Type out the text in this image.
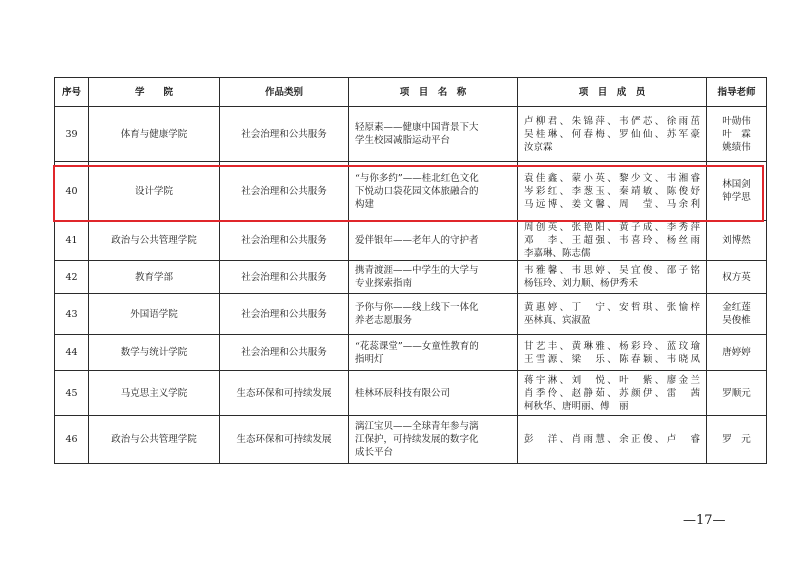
序号	学　　院	作品类别	项　目　名　称	项　目　成　员	指导老师
39	体育与健康学院	社会治理和公共服务	轻原素——健康中国背景下大
学生校园减脂运动平台	卢柳君、朱锦萍、韦俨芯、徐雨茁
吴桂琳、何春梅、罗仙仙、苏军豪
汝京霖	叶勋伟
叶　霖
姚绩伟

40	设计学院	社会治理和公共服务	“与你多约”——桂北红色文化
下悦动口袋花园文体旅融合的
构建	袁佳鑫、蒙小英、黎少文、韦湘睿
岑彩红、李葱玉、秦靖敏、陈俊妤
马远博、姜文馨、周　莹、马余利	林国剑
钟学思

41	政治与公共管理学院	社会治理和公共服务	爱伴银年——老年人的守护者	周创英、张艳阳、黄子成、李秀萍
邓　李、王超强、韦喜玲、杨丝雨
李嘉琳、陈志儒	刘博然

42	教育学部	社会治理和公共服务	携青渡涯——中学生的大学与
专业探索指南	韦雅馨、韦思婷、吴宜俊、邵子铭
杨钰玲、刘力顺、杨伊秀禾	权方英

43	外国语学院	社会治理和公共服务	予你与你——线上线下一体化
养老志愿服务	黄惠婷、丁　宁、安哲琪、张愉梓
巫林真、宾淑盈	金红莲
吴俊椎

44	数学与统计学院	社会治理和公共服务	“花蕊课堂”——女童性教育的
指明灯	甘艺丰、黄琳雅、杨彩玲、蓝玟瑜
王雪源、梁　乐、陈春颖、韦晓凤	唐婷婷

45	马克思主义学院	生态环保和可持续发展	桂林环辰科技有限公司	蒋宇淋、刘　悦、叶　紫、廖金兰
肖季伶、赵静茹、苏颜伊、雷　茜
柯秋华、唐明丽、傅　丽	罗顺元

46	政治与公共管理学院	生态环保和可持续发展	漓江宝贝——全球青年参与漓
江保护，可持续发展的数字化
成长平台	彭　洋、肖雨慧、余正俊、卢　睿	罗　元
—17—
